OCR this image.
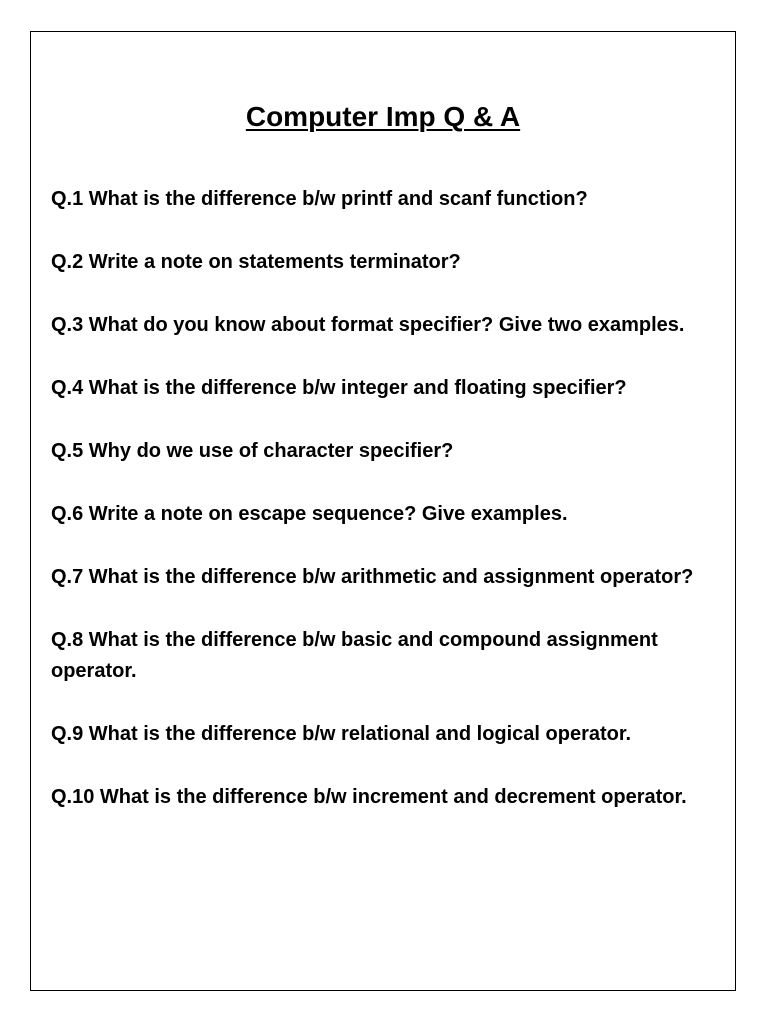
Computer Imp Q & A

Q.1 What is the difference b/w printf and scanf function?

Q.2 Write a note on statements terminator?

Q.3 What do you know about format specifier? Give two examples.

Q.4 What is the difference b/w integer and floating specifier?

Q.5 Why do we use of character specifier?

Q.6 Write a note on escape sequence? Give examples.

Q.7 What is the difference b/w arithmetic and assignment operator?

Q.8 What is the difference b/w basic and compound assignment operator.

Q.9 What is the difference b/w relational and logical operator.

Q.10 What is the difference b/w increment and decrement operator.
